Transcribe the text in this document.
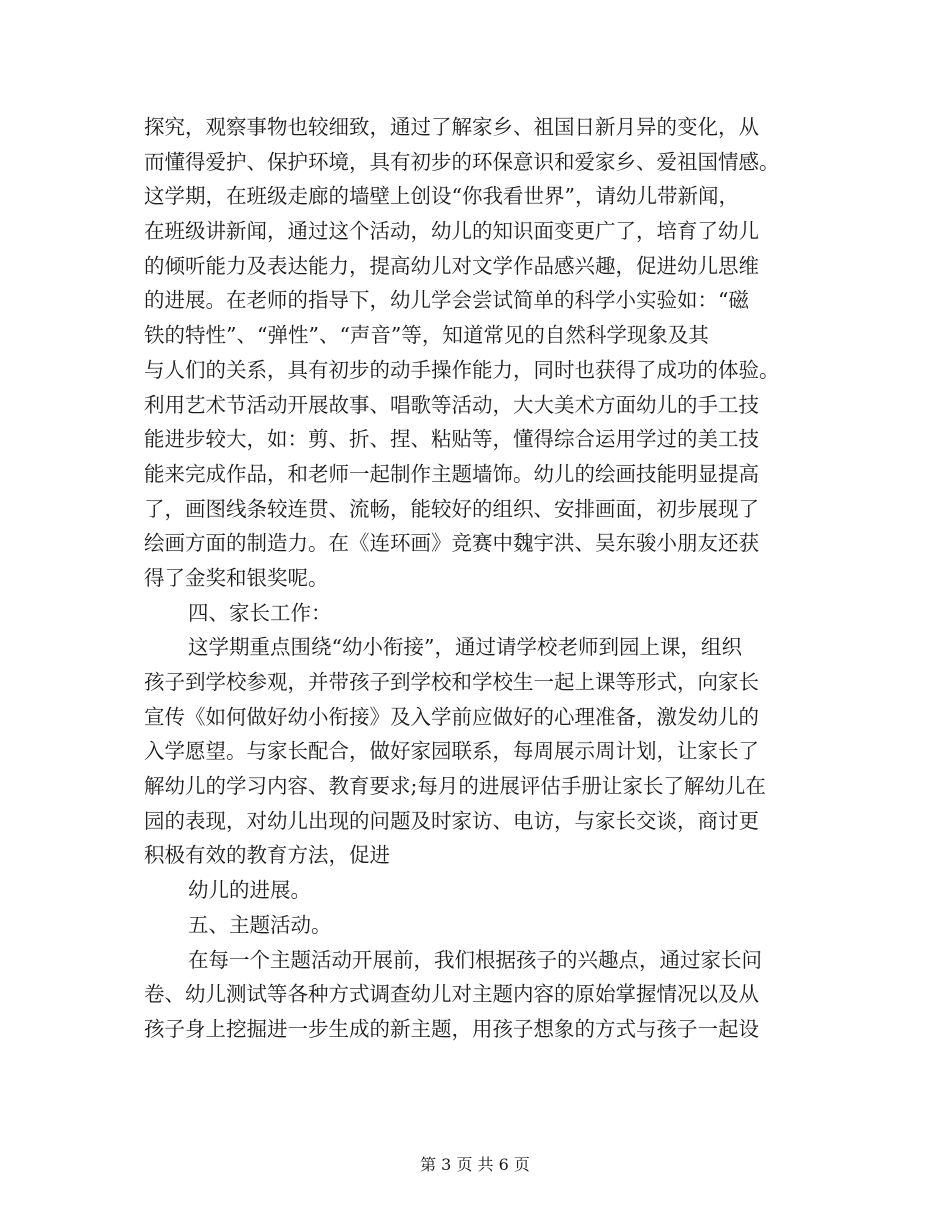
探究，观察事物也较细致，通过了解家乡、祖国日新月异的变化，从
而懂得爱护、保护环境，具有初步的环保意识和爱家乡、爱祖国情感。
这学期，在班级走廊的墙壁上创设“你我看世界”，请幼儿带新闻，
在班级讲新闻，通过这个活动，幼儿的知识面变更广了，培育了幼儿
的倾听能力及表达能力，提高幼儿对文学作品感兴趣，促进幼儿思维
的进展。在老师的指导下，幼儿学会尝试简单的科学小实验如：“磁
铁的特性”、“弹性”、“声音”等，知道常见的自然科学现象及其
与人们的关系，具有初步的动手操作能力，同时也获得了成功的体验。
利用艺术节活动开展故事、唱歌等活动，大大美术方面幼儿的手工技
能进步较大，如：剪、折、捏、粘贴等，懂得综合运用学过的美工技
能来完成作品，和老师一起制作主题墙饰。幼儿的绘画技能明显提高
了，画图线条较连贯、流畅，能较好的组织、安排画面，初步展现了
绘画方面的制造力。在《连环画》竞赛中魏宇洪、吴东骏小朋友还获
得了金奖和银奖呢。
四、家长工作：
这学期重点围绕“幼小衔接”，通过请学校老师到园上课，组织
孩子到学校参观，并带孩子到学校和学校生一起上课等形式，向家长
宣传《如何做好幼小衔接》及入学前应做好的心理准备，激发幼儿的
入学愿望。与家长配合，做好家园联系，每周展示周计划，让家长了
解幼儿的学习内容、教育要求;每月的进展评估手册让家长了解幼儿在
园的表现，对幼儿出现的问题及时家访、电访，与家长交谈，商讨更
积极有效的教育方法，促进
幼儿的进展。
五、主题活动。
在每一个主题活动开展前，我们根据孩子的兴趣点，通过家长问
卷、幼儿测试等各种方式调查幼儿对主题内容的原始掌握情况以及从
孩子身上挖掘进一步生成的新主题，用孩子想象的方式与孩子一起设
第 3 页 共 6 页
